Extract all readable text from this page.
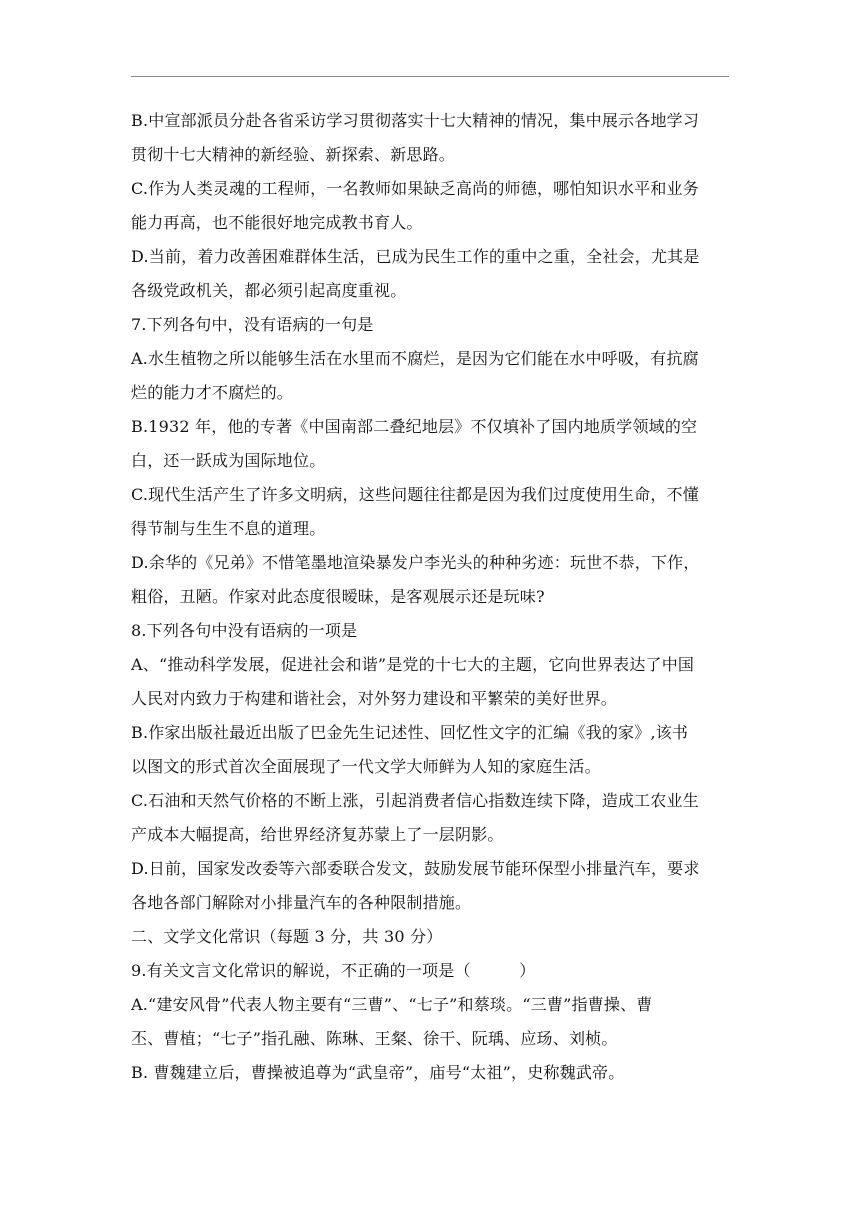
B.中宣部派员分赴各省采访学习贯彻落实十七大精神的情况，集中展示各地学习
贯彻十七大精神的新经验、新探索、新思路。
C.作为人类灵魂的工程师，一名教师如果缺乏高尚的师德，哪怕知识水平和业务
能力再高，也不能很好地完成教书育人。
D.当前，着力改善困难群体生活，已成为民生工作的重中之重，全社会，尤其是
各级党政机关，都必须引起高度重视。
7.下列各句中，没有语病的一句是
A.水生植物之所以能够生活在水里而不腐烂，是因为它们能在水中呼吸，有抗腐
烂的能力才不腐烂的。
B.1932 年，他的专著《中国南部二叠纪地层》不仅填补了国内地质学领域的空
白，还一跃成为国际地位。
C.现代生活产生了许多文明病，这些问题往往都是因为我们过度使用生命，不懂
得节制与生生不息的道理。
D.余华的《兄弟》不惜笔墨地渲染暴发户李光头的种种劣迹：玩世不恭，下作，
粗俗，丑陋。作家对此态度很暧昧，是客观展示还是玩味?
8.下列各句中没有语病的一项是
A、“推动科学发展，促进社会和谐”是党的十七大的主题，它向世界表达了中国
人民对内致力于构建和谐社会，对外努力建设和平繁荣的美好世界。
B.作家出版社最近出版了巴金先生记述性、回忆性文字的汇编《我的家》,该书
以图文的形式首次全面展现了一代文学大师鲜为人知的家庭生活。
C.石油和天然气价格的不断上涨，引起消费者信心指数连续下降，造成工农业生
产成本大幅提高，给世界经济复苏蒙上了一层阴影。
D.日前，国家发改委等六部委联合发文，鼓励发展节能环保型小排量汽车，要求
各地各部门解除对小排量汽车的各种限制措施。
二、文学文化常识（每题 3 分，共 30 分）
9.有关文言文化常识的解说，不正确的一项是（　　　）
A.“建安风骨”代表人物主要有“三曹”、“七子”和蔡琰。“三曹”指曹操、曹
丕、曹植；“七子”指孔融、陈琳、王粲、徐干、阮瑀、应玚、刘桢。
B. 曹魏建立后，曹操被追尊为“武皇帝”，庙号“太祖”，史称魏武帝。
